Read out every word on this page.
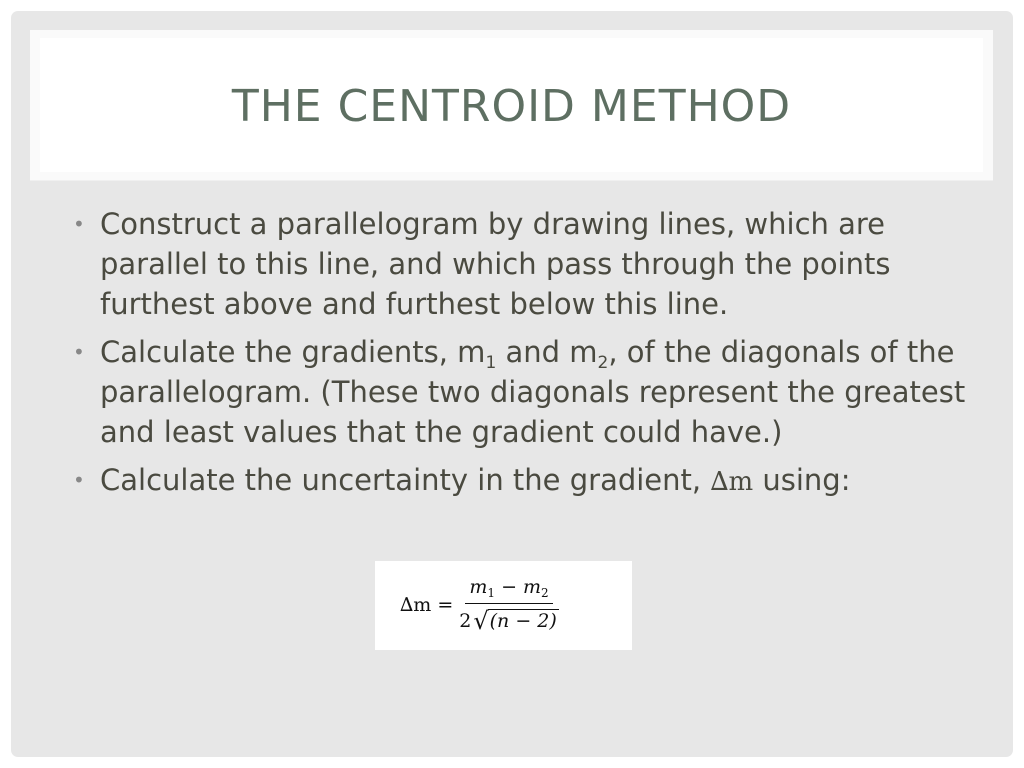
THE CENTROID METHOD
• Construct a parallelogram by drawing lines, which are parallel to this line, and which pass through the points furthest above and furthest below this line.
• Calculate the gradients, $m_1$ and $m_2$, of the diagonals of the parallelogram. (These two diagonals represent the greatest and least values that the gradient could have.)
• Calculate the uncertainty in the gradient, ∆m using:
$\Delta m = \frac{m_1 - m_2}{2 √ (n - 2)}$
